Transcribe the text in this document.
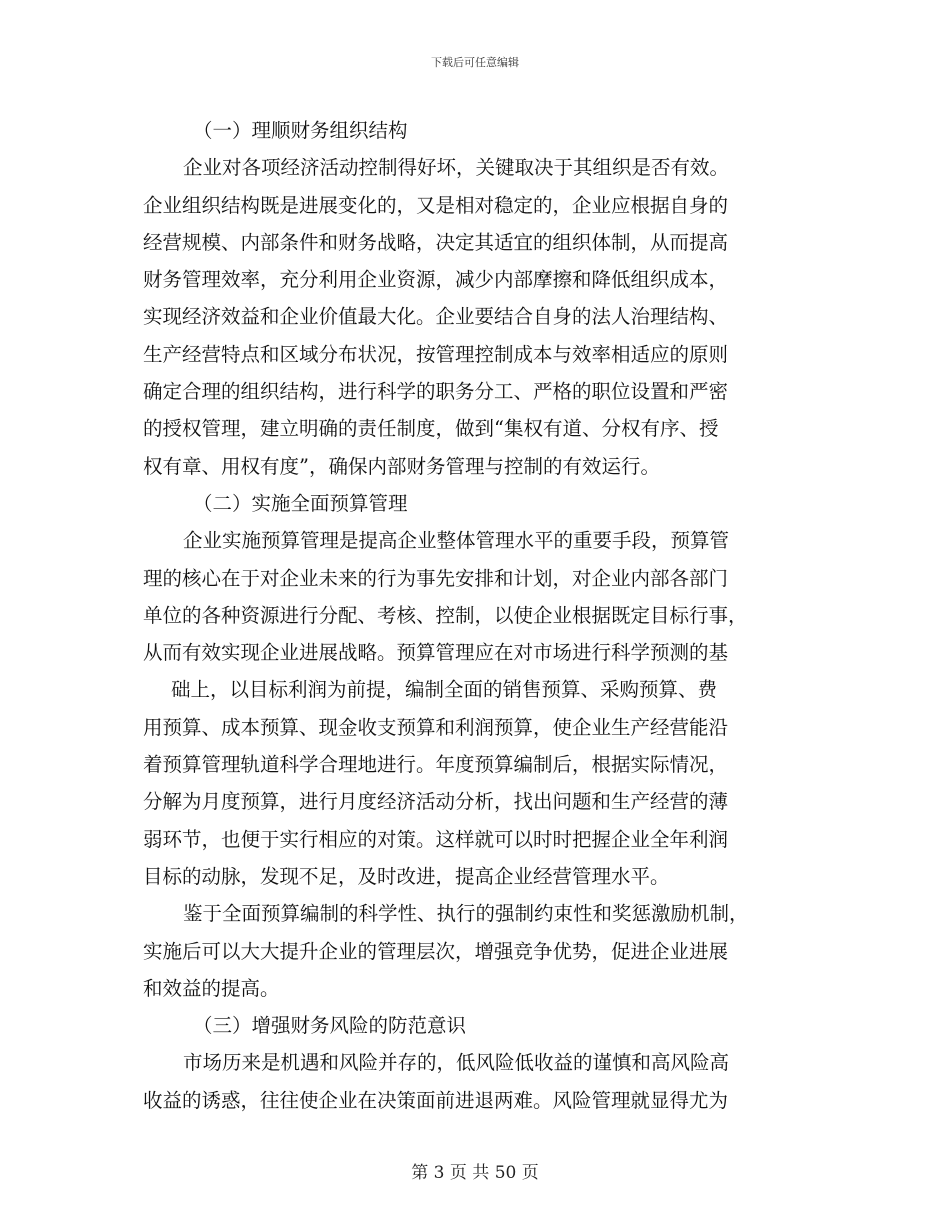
下载后可任意编辑
（一）理顺财务组织结构
企业对各项经济活动控制得好坏，关键取决于其组织是否有效。
企业组织结构既是进展变化的，又是相对稳定的，企业应根据自身的
经营规模、内部条件和财务战略，决定其适宜的组织体制，从而提高
财务管理效率，充分利用企业资源，减少内部摩擦和降低组织成本，
实现经济效益和企业价值最大化。企业要结合自身的法人治理结构、
生产经营特点和区域分布状况，按管理控制成本与效率相适应的原则
确定合理的组织结构，进行科学的职务分工、严格的职位设置和严密
的授权管理，建立明确的责任制度，做到“集权有道、分权有序、授
权有章、用权有度”，确保内部财务管理与控制的有效运行。
（二）实施全面预算管理
企业实施预算管理是提高企业整体管理水平的重要手段，预算管
理的核心在于对企业未来的行为事先安排和计划，对企业内部各部门
单位的各种资源进行分配、考核、控制，以使企业根据既定目标行事，
从而有效实现企业进展战略。预算管理应在对市场进行科学预测的基
础上，以目标利润为前提，编制全面的销售预算、采购预算、费
用预算、成本预算、现金收支预算和利润预算，使企业生产经营能沿
着预算管理轨道科学合理地进行。年度预算编制后，根据实际情况，
分解为月度预算，进行月度经济活动分析，找出问题和生产经营的薄
弱环节，也便于实行相应的对策。这样就可以时时把握企业全年利润
目标的动脉，发现不足，及时改进，提高企业经营管理水平。
鉴于全面预算编制的科学性、执行的强制约束性和奖惩激励机制，
实施后可以大大提升企业的管理层次，增强竞争优势，促进企业进展
和效益的提高。
（三）增强财务风险的防范意识
市场历来是机遇和风险并存的，低风险低收益的谨慎和高风险高
收益的诱惑，往往使企业在决策面前进退两难。风险管理就显得尤为
第 3 页 共 50 页
